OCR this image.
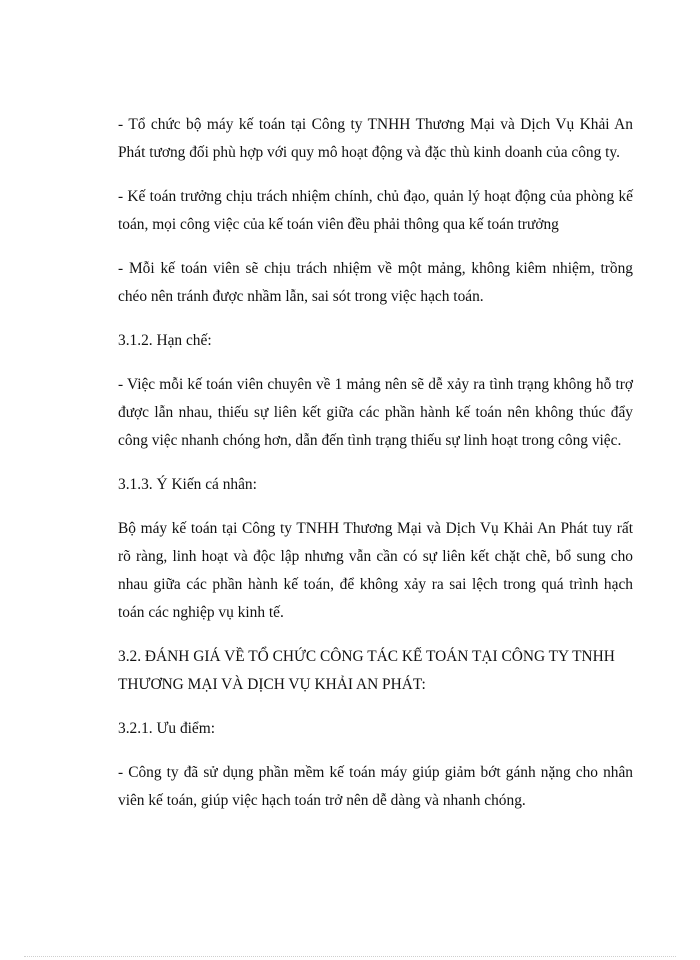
- Tổ chức bộ máy kế toán tại Công ty TNHH Thương Mại và Dịch Vụ Khải An Phát tương đối phù hợp với quy mô hoạt động và đặc thù kinh doanh của công ty.

- Kế toán trưởng chịu trách nhiệm chính, chủ đạo, quản lý hoạt động của phòng kế toán, mọi công việc của kế toán viên đều phải thông qua kế toán trưởng

- Mỗi kế toán viên sẽ chịu trách nhiệm về một mảng, không kiêm nhiệm, trồng chéo nên tránh được nhầm lẫn, sai sót trong việc hạch toán.

3.1.2. Hạn chế:

- Việc mỗi kế toán viên chuyên về 1 mảng nên sẽ dễ xảy ra tình trạng không hỗ trợ được lẫn nhau, thiếu sự liên kết giữa các phần hành kế toán nên không thúc đẩy công việc nhanh chóng hơn, dẫn đến tình trạng thiếu sự linh hoạt trong công việc.

3.1.3. Ý Kiến cá nhân:

Bộ máy kế toán tại Công ty TNHH Thương Mại và Dịch Vụ Khải An Phát tuy rất rõ ràng, linh hoạt và độc lập nhưng vẫn cần có sự liên kết chặt chẽ, bổ sung cho nhau giữa các phần hành kế toán, để không xảy ra sai lệch trong quá trình hạch toán các nghiệp vụ kinh tế.

3.2. ĐÁNH GIÁ VỀ TỔ CHỨC CÔNG TÁC KẾ TOÁN TẠI CÔNG TY TNHH THƯƠNG MẠI VÀ DỊCH VỤ KHẢI AN PHÁT:

3.2.1. Ưu điểm:

- Công ty đã sử dụng phần mềm kế toán máy giúp giảm bớt gánh nặng cho nhân viên kế toán, giúp việc hạch toán trở nên dễ dàng và nhanh chóng.
